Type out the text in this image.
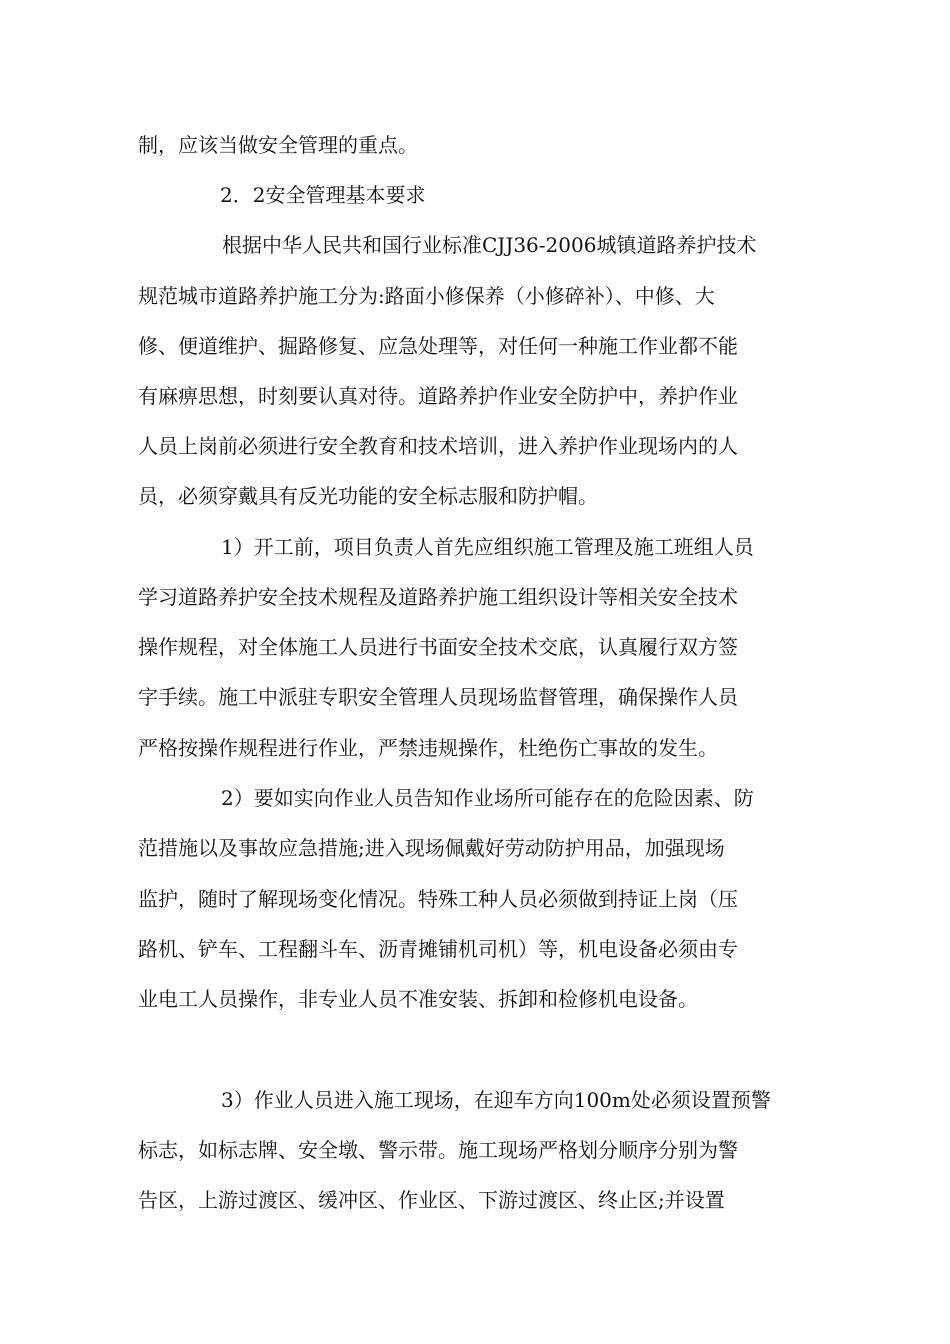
制，应该当做安全管理的重点。
2．2安全管理基本要求
根据中华人民共和国行业标准CJJ36-2006城镇道路养护技术
规范城市道路养护施工分为:路面小修保养（小修碎补）、中修、大
修、便道维护、掘路修复、应急处理等，对任何一种施工作业都不能
有麻痹思想，时刻要认真对待。道路养护作业安全防护中，养护作业
人员上岗前必须进行安全教育和技术培训，进入养护作业现场内的人
员，必须穿戴具有反光功能的安全标志服和防护帽。
1）开工前，项目负责人首先应组织施工管理及施工班组人员
学习道路养护安全技术规程及道路养护施工组织设计等相关安全技术
操作规程，对全体施工人员进行书面安全技术交底，认真履行双方签
字手续。施工中派驻专职安全管理人员现场监督管理，确保操作人员
严格按操作规程进行作业，严禁违规操作，杜绝伤亡事故的发生。
2）要如实向作业人员告知作业场所可能存在的危险因素、防
范措施以及事故应急措施;进入现场佩戴好劳动防护用品，加强现场
监护，随时了解现场变化情况。特殊工种人员必须做到持证上岗（压
路机、铲车、工程翻斗车、沥青摊铺机司机）等，机电设备必须由专
业电工人员操作，非专业人员不准安装、拆卸和检修机电设备。
3）作业人员进入施工现场，在迎车方向100m处必须设置预警
标志，如标志牌、安全墩、警示带。施工现场严格划分顺序分别为警
告区，上游过渡区、缓冲区、作业区、下游过渡区、终止区;并设置
